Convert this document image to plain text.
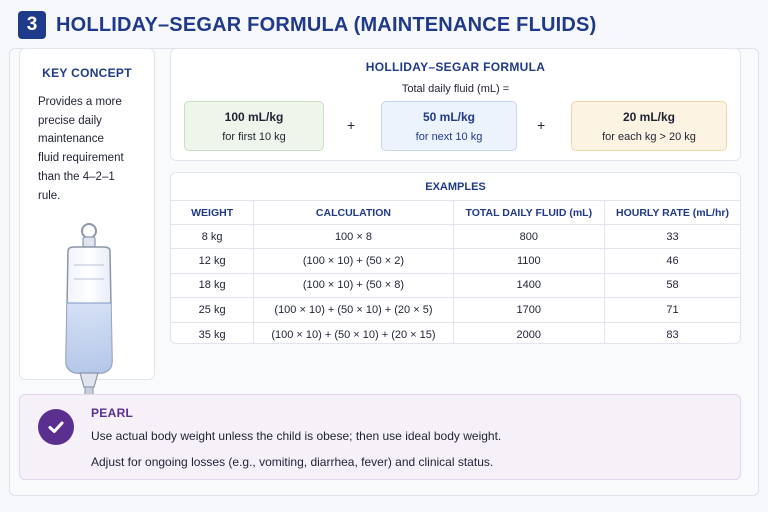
3 HOLLIDAY–SEGAR FORMULA (MAINTENANCE FLUIDS)
KEY CONCEPT
Provides a more
precise daily
maintenance
fluid requirement
than the 4–2–1
rule.
HOLLIDAY–SEGAR FORMULA
Total daily fluid (mL) =
100 mL/kg
for first 10 kg
+
50 mL/kg
for next 10 kg
+
20 mL/kg
for each kg > 20 kg
EXAMPLES
WEIGHT	CALCULATION	TOTAL DAILY FLUID (mL)	HOURLY RATE (mL/hr)
8 kg	100 × 8	800	33
12 kg	(100 × 10) + (50 × 2)	1100	46
18 kg	(100 × 10) + (50 × 8)	1400	58
25 kg	(100 × 10) + (50 × 10) + (20 × 5)	1700	71
35 kg	(100 × 10) + (50 × 10) + (20 × 15)	2000	83
PEARL
Use actual body weight unless the child is obese; then use ideal body weight.
Adjust for ongoing losses (e.g., vomiting, diarrhea, fever) and clinical status.
